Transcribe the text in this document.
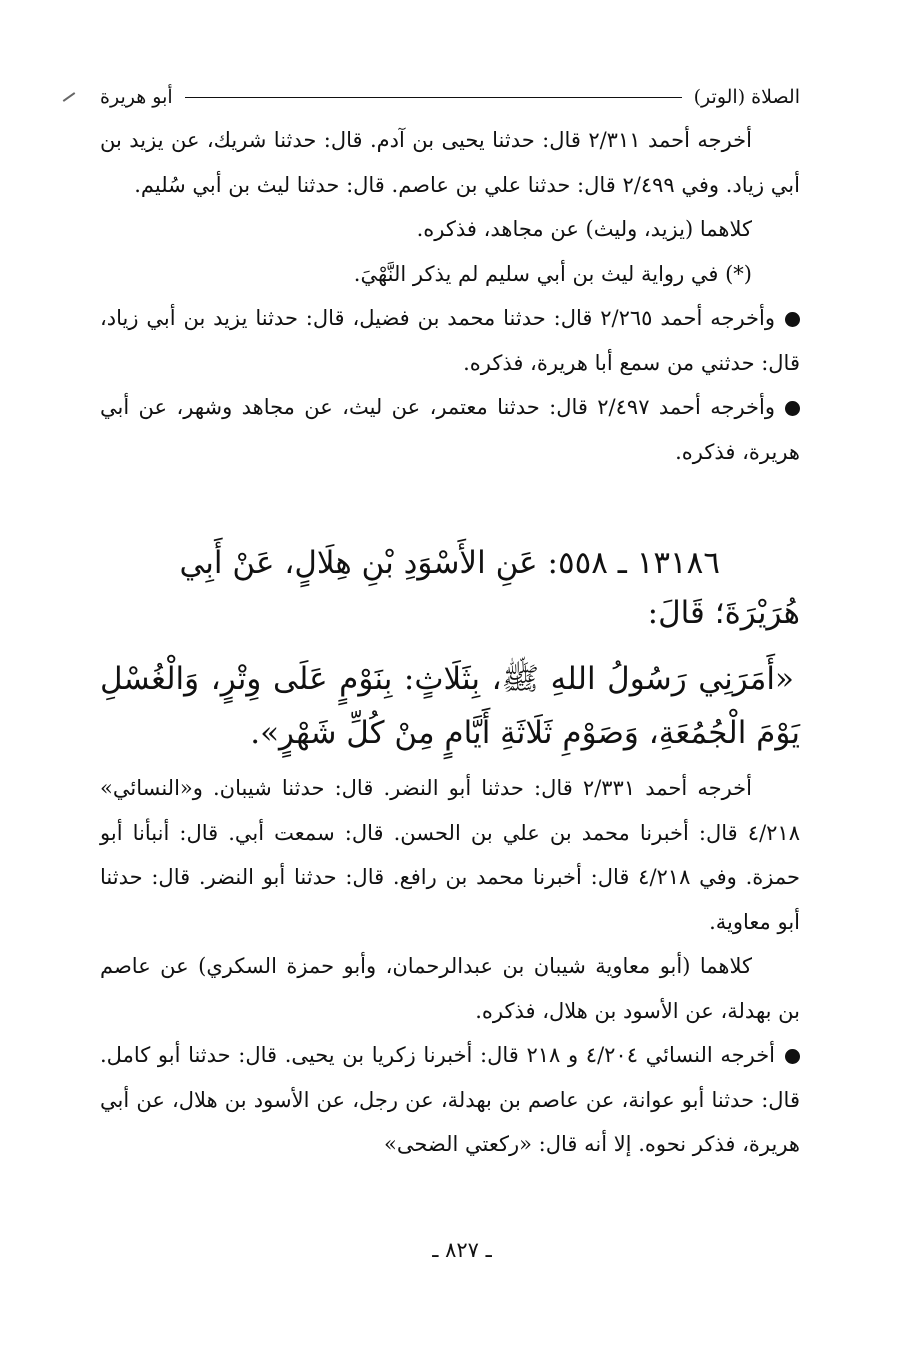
الصلاة (الوتر)
أبو هريرة

أخرجه أحمد ٢/٣١١ قال: حدثنا يحيى بن آدم. قال: حدثنا شريك، عن يزيد بن أبي زياد. وفي ٢/٤٩٩ قال: حدثنا علي بن عاصم. قال: حدثنا ليث بن أبي سُليم.

كلاهما (يزيد، وليث) عن مجاهد، فذكره.

(*) في رواية ليث بن أبي سليم لم يذكر النَّهْيَ.

وأخرجه أحمد ٢/٢٦٥ قال: حدثنا محمد بن فضيل، قال: حدثنا يزيد بن أبي زياد، قال: حدثني من سمع أبا هريرة، فذكره.

وأخرجه أحمد ٢/٤٩٧ قال: حدثنا معتمر، عن ليث، عن مجاهد وشهر، عن أبي هريرة، فذكره.

١٣١٨٦ ـ ٥٥٨: عَنِ الأَسْوَدِ بْنِ هِلَالٍ، عَنْ أَبِي هُرَيْرَةَ؛ قَالَ:

«أَمَرَنِي رَسُولُ اللهِ ﷺ، بِثَلَاثٍ: بِنَوْمٍ عَلَى وِتْرٍ، وَالْغُسْلِ يَوْمَ الْجُمُعَةِ، وَصَوْمِ ثَلَاثَةِ أَيَّامٍ مِنْ كُلِّ شَهْرٍ».

أخرجه أحمد ٢/٣٣١ قال: حدثنا أبو النضر. قال: حدثنا شيبان. و«النسائي» ٤/٢١٨ قال: أخبرنا محمد بن علي بن الحسن. قال: سمعت أبي. قال: أنبأنا أبو حمزة. وفي ٤/٢١٨ قال: أخبرنا محمد بن رافع. قال: حدثنا أبو النضر. قال: حدثنا أبو معاوية.

كلاهما (أبو معاوية شيبان بن عبدالرحمان، وأبو حمزة السكري) عن عاصم بن بهدلة، عن الأسود بن هلال، فذكره.

أخرجه النسائي ٤/٢٠٤ و ٢١٨ قال: أخبرنا زكريا بن يحيى. قال: حدثنا أبو كامل. قال: حدثنا أبو عوانة، عن عاصم بن بهدلة، عن رجل، عن الأسود بن هلال، عن أبي هريرة، فذكر نحوه. إلا أنه قال: «ركعتي الضحى»

ـ ٨٢٧ ـ
